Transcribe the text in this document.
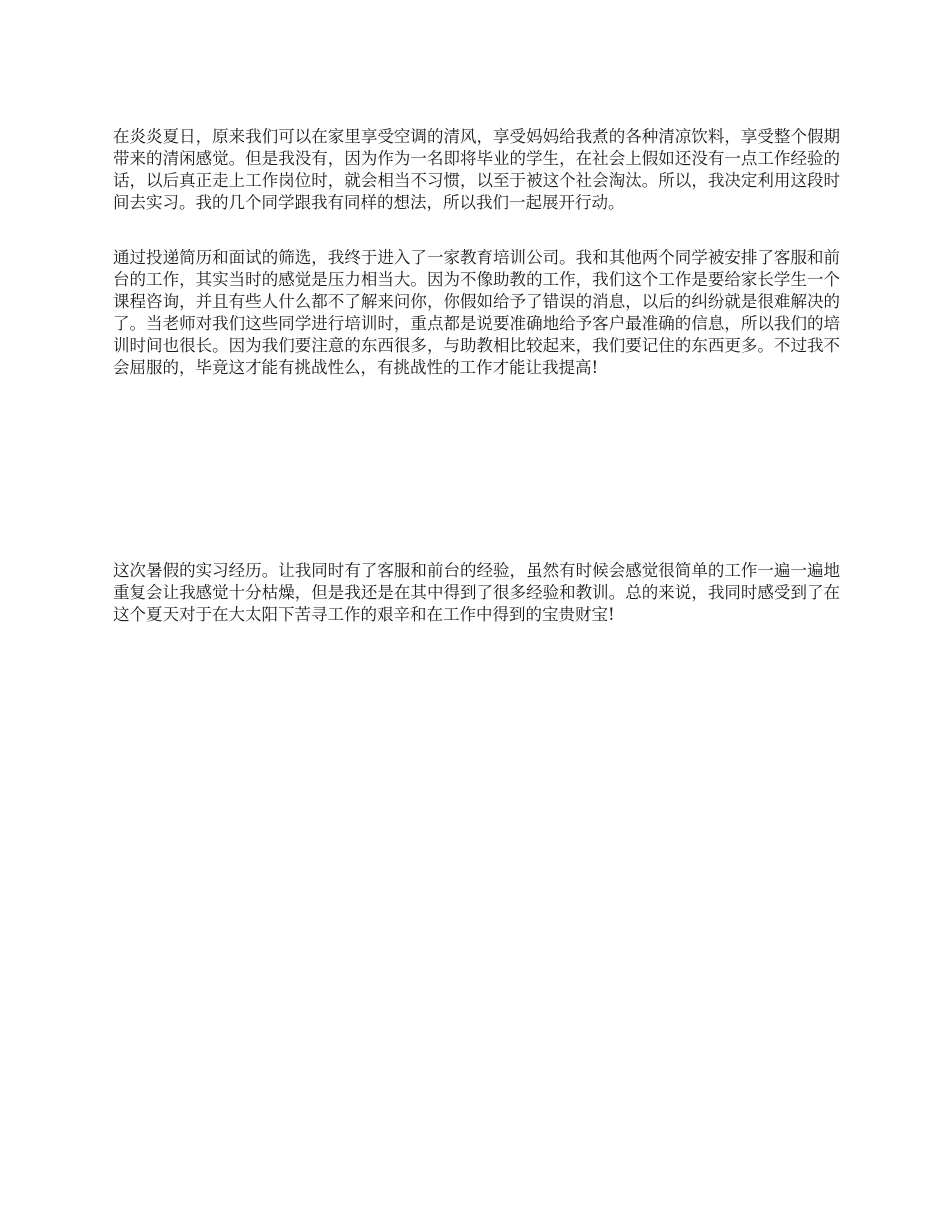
在炎炎夏日，原来我们可以在家里享受空调的清风，享受妈妈给我煮的各种清凉饮料，享受整个假期带来的清闲感觉。但是我没有，因为作为一名即将毕业的学生，在社会上假如还没有一点工作经验的话，以后真正走上工作岗位时，就会相当不习惯，以至于被这个社会淘汰。所以，我决定利用这段时间去实习。我的几个同学跟我有同样的想法，所以我们一起展开行动。

通过投递简历和面试的筛选，我终于进入了一家教育培训公司。我和其他两个同学被安排了客服和前台的工作，其实当时的感觉是压力相当大。因为不像助教的工作，我们这个工作是要给家长学生一个课程咨询，并且有些人什么都不了解来问你，你假如给予了错误的消息，以后的纠纷就是很难解决的了。当老师对我们这些同学进行培训时，重点都是说要准确地给予客户最准确的信息，所以我们的培训时间也很长。因为我们要注意的东西很多，与助教相比较起来，我们要记住的东西更多。不过我不会屈服的，毕竟这才能有挑战性么，有挑战性的工作才能让我提高!

这次暑假的实习经历。让我同时有了客服和前台的经验，虽然有时候会感觉很简单的工作一遍一遍地重复会让我感觉十分枯燥，但是我还是在其中得到了很多经验和教训。总的来说，我同时感受到了在这个夏天对于在大太阳下苦寻工作的艰辛和在工作中得到的宝贵财宝!
